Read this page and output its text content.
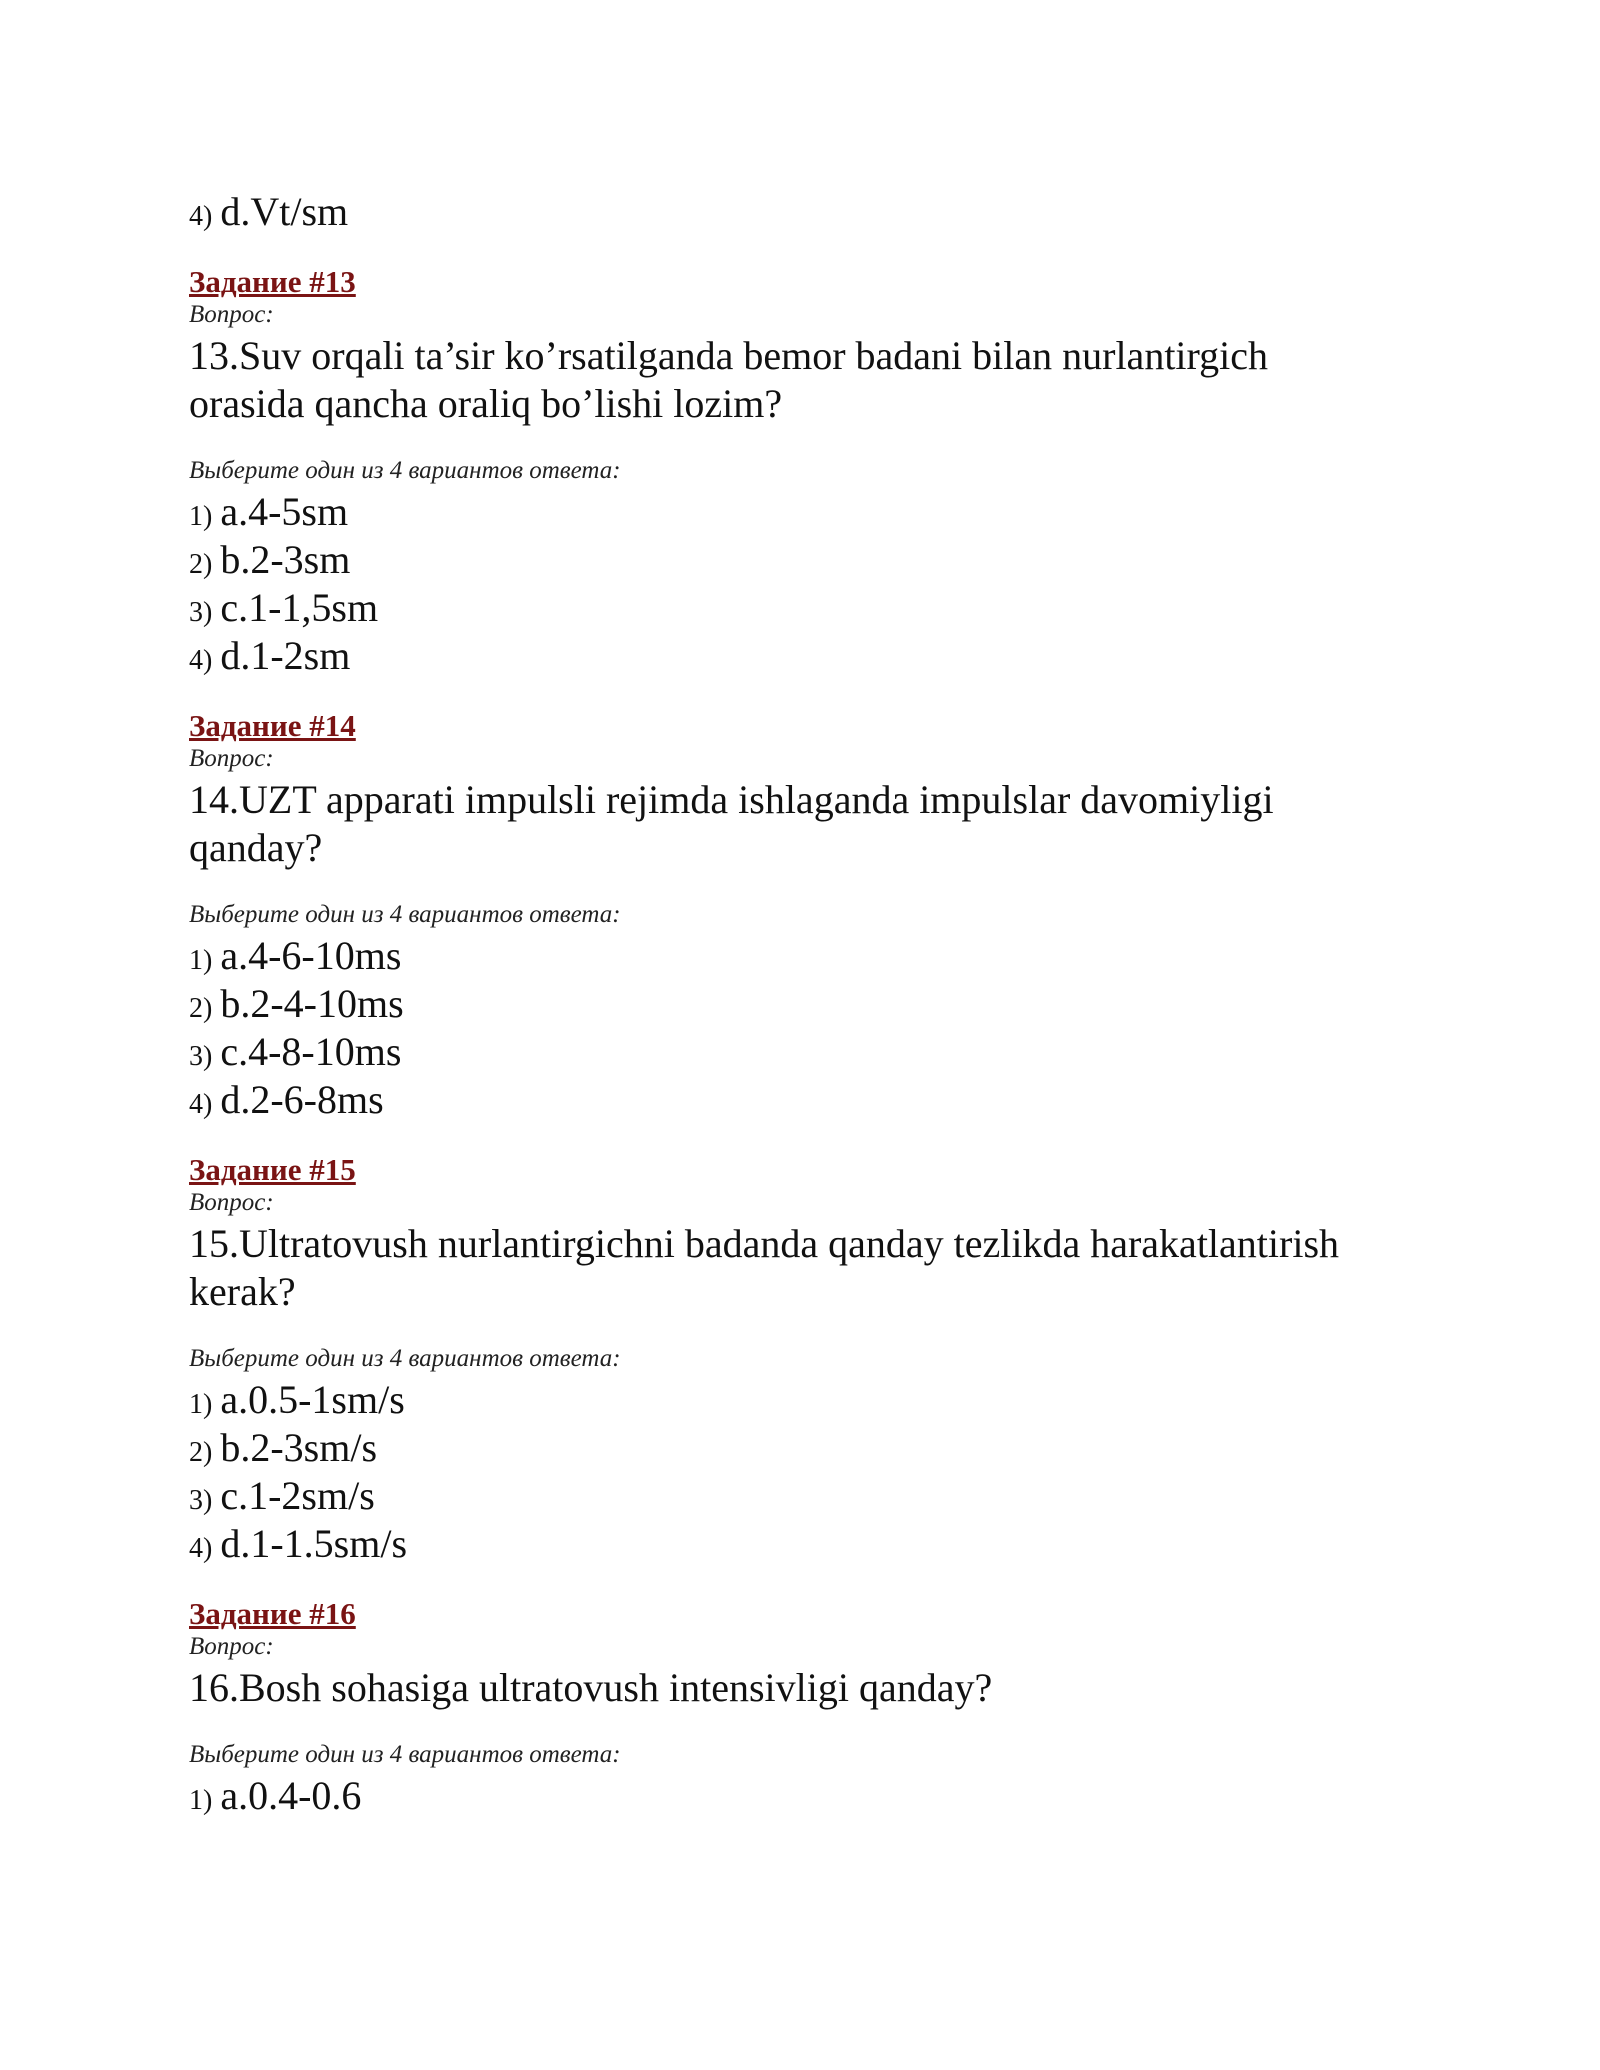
4) d.Vt/sm
Задание #13
Вопрос:
13.Suv orqali ta’sir ko’rsatilganda bemor badani bilan nurlantirgich
orasida qancha oraliq bo’lishi lozim?
Выберите один из 4 вариантов ответа:
1) a.4-5sm
2) b.2-3sm
3) c.1-1,5sm
4) d.1-2sm
Задание #14
Вопрос:
14.UZT apparati impulsli rejimda ishlaganda impulslar davomiyligi
qanday?
Выберите один из 4 вариантов ответа:
1) a.4-6-10ms
2) b.2-4-10ms
3) c.4-8-10ms
4) d.2-6-8ms
Задание #15
Вопрос:
15.Ultratovush nurlantirgichni badanda qanday tezlikda harakatlantirish
kerak?
Выберите один из 4 вариантов ответа:
1) a.0.5-1sm/s
2) b.2-3sm/s
3) c.1-2sm/s
4) d.1-1.5sm/s
Задание #16
Вопрос:
16.Bosh sohasiga ultratovush intensivligi qanday?
Выберите один из 4 вариантов ответа:
1) a.0.4-0.6
